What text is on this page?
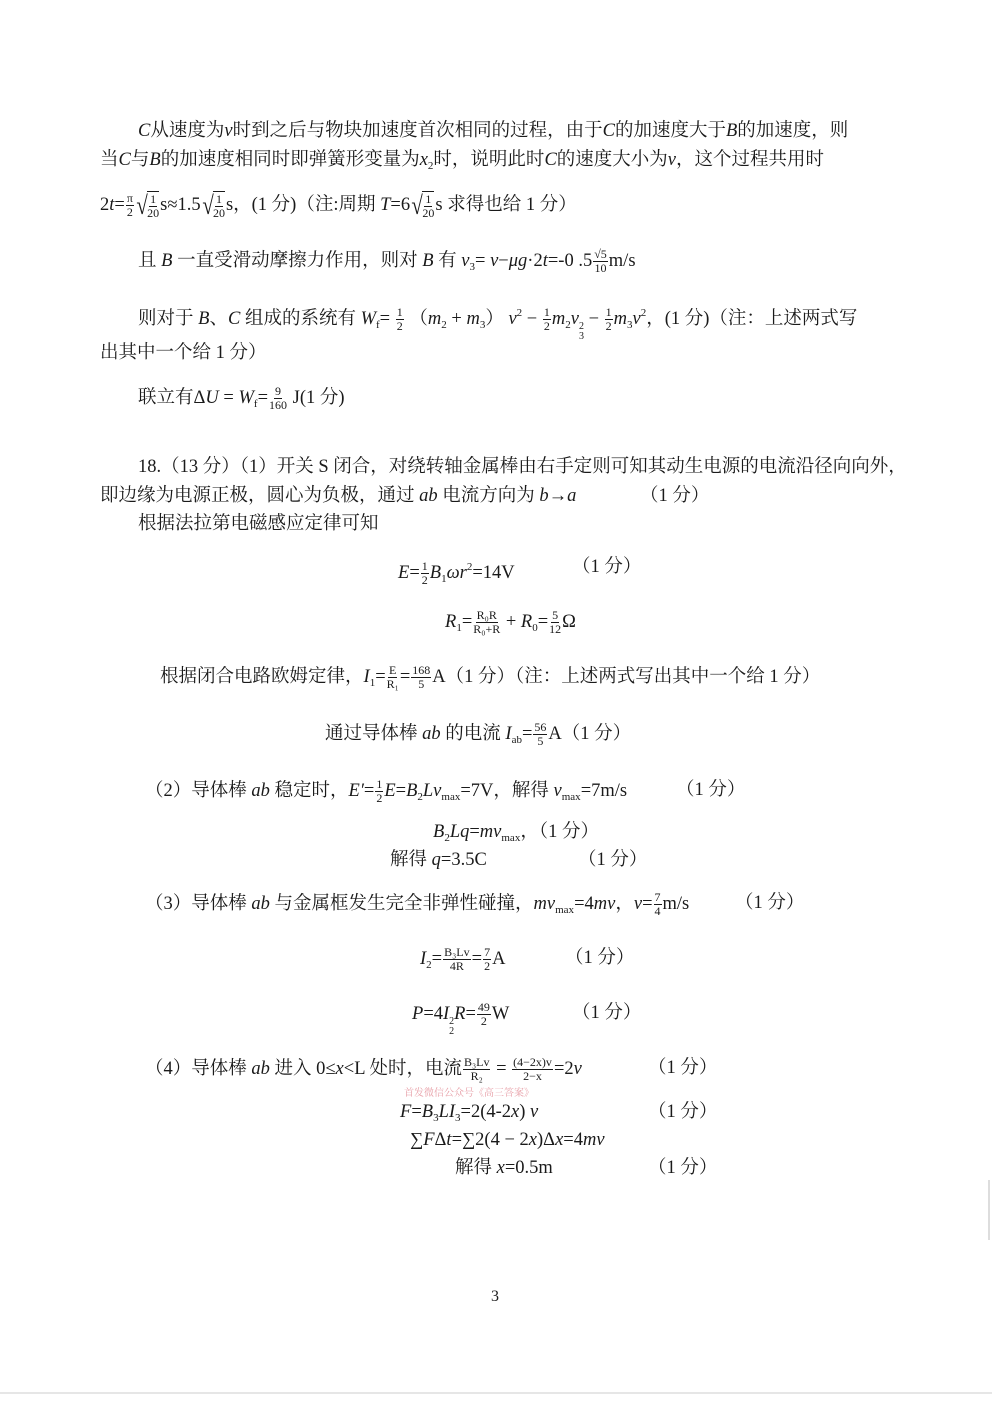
C从速度为v时到之后与物块加速度首次相同的过程，由于C的加速度大于B的加速度，则
当C与B的加速度相同时即弹簧形变量为$x_2$时，说明此时C的速度大小为v，这个过程共用时
$2t= \frac{\pi}{2}$ √ $\frac{1}{20} s\approx 1.5$ √ $\frac{1}{20}$ s，(1 分)（注:周期 T=6 √ $\frac{1}{20}$ s 求得也给 1 分）
且 B 一直受滑动摩擦力作用，则对 B 有 $v_3= v-\mu g\cdot 2t=-0$ $.5 \frac{√5}{10} m/s$
则对于 B、C 组成的系统有 $W_f= \frac{1}{2} (m_2 + m_3) v^2 - \frac{1}{2} m_2v$
3
$2 - \frac{1}{2} m_3v^2$，(1 分)（注：上述两式写
出其中一个给 1 分）
联立有$\Delta U = W_f= \frac{9}{160} J(1$ 分)
18.（13 分）（1）开关 S 闭合，对绕转轴金属棒由右手定则可知其动生电源的电流沿径向向外，
即边缘为电源正极，圆心为负极，通过 ab 电流方向为 b→a	（1 分）
根据法拉第电磁感应定律可知
$E= \frac{1}{2} B_1\omega r^2=14V$	（1 分）
$R_1= \frac{\text{R₀R}}{\text{R₀+R}} + R_0= \frac{5}{12}$ Ω
根据闭合电路欧姆定律，$I_1= \frac{E}{\text{R₁}} = \frac{168}{5} A(1$ 分）（注：上述两式写出其中一个给 1 分）
通过导体棒 ab 的电流 $I_{ab}= \frac{56}{5} A(1$ 分）
（2）导体棒 ab 稳定时，$E'= \frac{1}{2} E=B_2Lv_{max}=7V$，解得 $v_{max}=7m/s$	（1 分）
$B_2Lq=mv_{max}$，（1 分）
解得 q=3.5C	（1 分）
（3）导体棒 ab 与金属框发生完全非弹性碰撞，$mv_{max}=4mv$，$v= \frac{7}{4} m/s$ （1 分）
$I_2= \frac{\text{B₃Lv}}{4R} = \frac{7}{2}$ A	（1 分）
P=4I
2
2 $R= \frac{49}{2}$ W	（1 分）
（4）导体棒 ab 进入 0≤x<L 处时，电流 $\frac{\text{B₃Lv}}{\text{R₂}} = \frac{(4-2x)v}{2-x} =2v$	（1 分）
$F=B_3LI_3=2(4-2x)$ v	（1 分）
∑FΔt=∑2(4 − 2x)Δx=4mv
解得 x=0.5m	（1 分）
首发微信公众号《高三答案》
3
